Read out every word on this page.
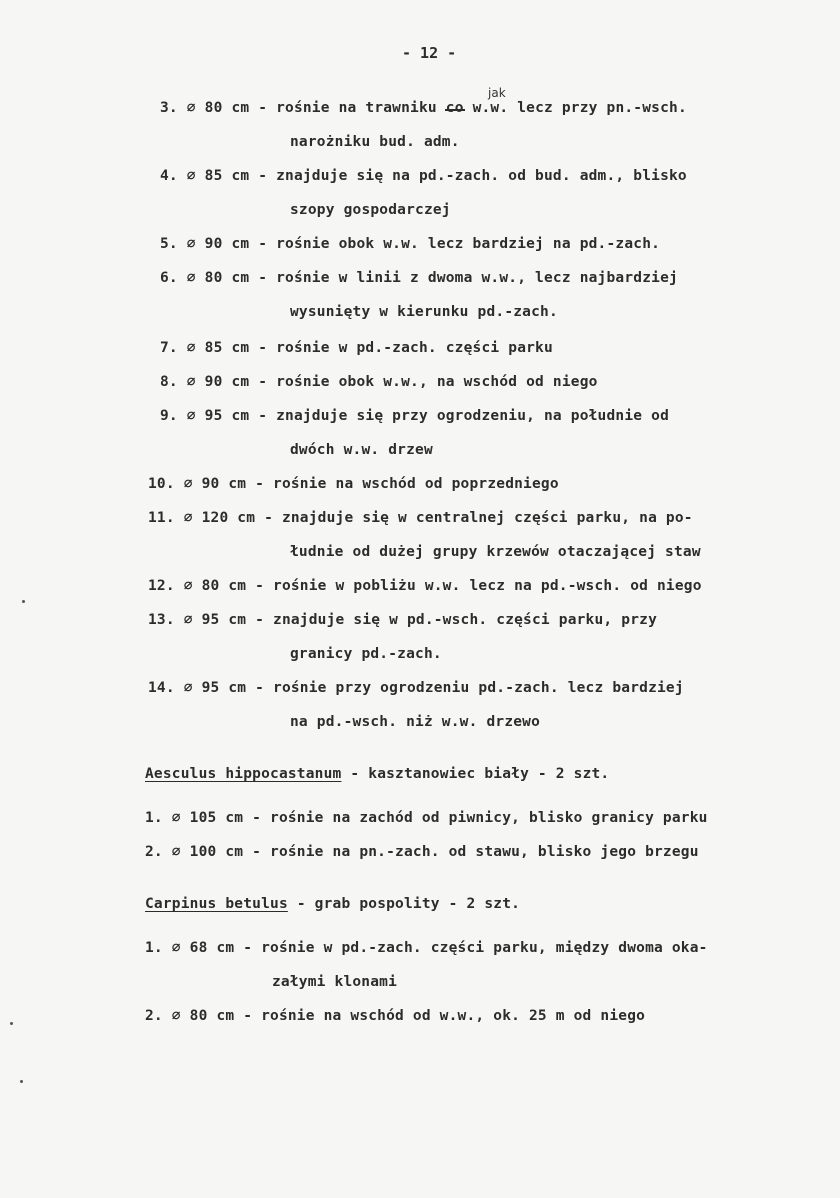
- 12 -
jak
3. ∅ 80 cm - rośnie na trawniku co w.w. lecz przy pn.-wsch.
narożniku bud. adm.
4. ∅ 85 cm - znajduje się na pd.-zach. od bud. adm., blisko
szopy gospodarczej
5. ∅ 90 cm - rośnie obok w.w. lecz bardziej na pd.-zach.
6. ∅ 80 cm - rośnie w linii z dwoma w.w., lecz najbardziej
wysunięty w kierunku pd.-zach.
7. ∅ 85 cm - rośnie w pd.-zach. części parku
8. ∅ 90 cm - rośnie obok w.w., na wschód od niego
9. ∅ 95 cm - znajduje się przy ogrodzeniu, na południe od
dwóch w.w. drzew
10. ∅ 90 cm - rośnie na wschód od poprzedniego
11. ∅ 120 cm - znajduje się w centralnej części parku, na po-
łudnie od dużej grupy krzewów otaczającej staw
12. ∅ 80 cm - rośnie w pobliżu w.w. lecz na pd.-wsch. od niego
13. ∅ 95 cm - znajduje się w pd.-wsch. części parku, przy
granicy pd.-zach.
14. ∅ 95 cm - rośnie przy ogrodzeniu pd.-zach. lecz bardziej
na pd.-wsch. niż w.w. drzewo
Aesculus hippocastanum - kasztanowiec biały - 2 szt.
1. ∅ 105 cm - rośnie na zachód od piwnicy, blisko granicy parku
2. ∅ 100 cm - rośnie na pn.-zach. od stawu, blisko jego brzegu
Carpinus betulus - grab pospolity - 2 szt.
1. ∅ 68 cm - rośnie w pd.-zach. części parku, między dwoma oka-
załymi klonami
2. ∅ 80 cm - rośnie na wschód od w.w., ok. 25 m od niego
